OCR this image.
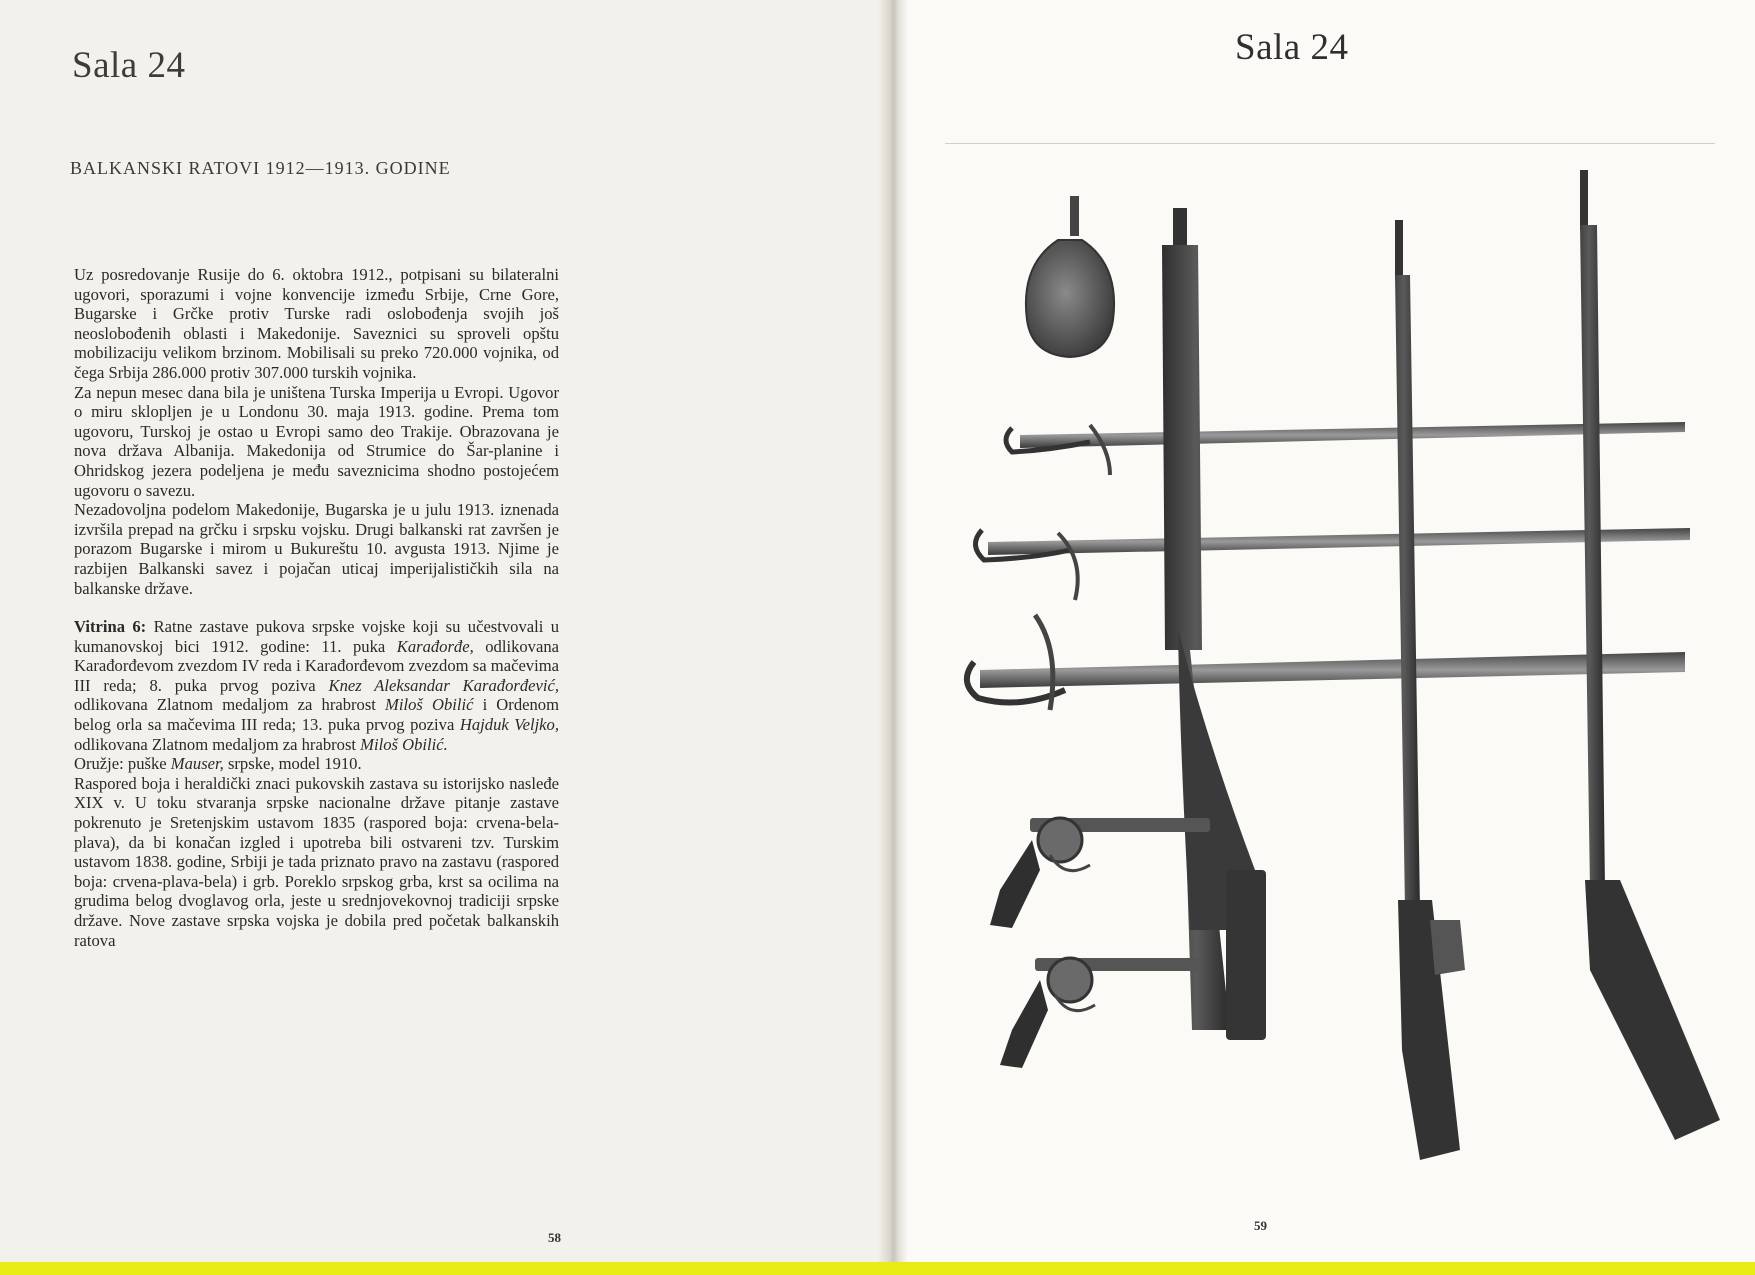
Sala 24
BALKANSKI RATOVI 1912—1913. GODINE

Uz posredovanje Rusije do 6. oktobra 1912., potpisani su bilateralni ugovori, sporazumi i vojne konvencije između Srbije, Crne Gore, Bugarske i Grčke protiv Turske radi oslobođenja svojih još neoslobođenih oblasti i Makedonije. Saveznici su sproveli opštu mobilizaciju velikom brzinom. Mobilisali su preko 720.000 vojnika, od čega Srbija 286.000 protiv 307.000 turskih vojnika.

Za nepun mesec dana bila je uništena Turska Imperija u Evropi. Ugovor o miru sklopljen je u Londonu 30. maja 1913. godine. Prema tom ugovoru, Turskoj je ostao u Evropi samo deo Trakije. Obrazovana je nova država Albanija. Makedonija od Strumice do Šar-planine i Ohridskog jezera podeljena je među saveznicima shodno postojećem ugovoru o savezu.

Nezadovoljna podelom Makedonije, Bugarska je u julu 1913. iznenada izvršila prepad na grčku i srpsku vojsku. Drugi balkanski rat završen je porazom Bugarske i mirom u Bukureštu 10. avgusta 1913. Njime je razbijen Balkanski savez i pojačan uticaj imperijalističkih sila na balkanske države.

Vitrina 6: Ratne zastave pukova srpske vojske koji su učestvovali u kumanovskoj bici 1912. godine: 11. puka Karađorđe, odlikovana Karađorđevom zvezdom IV reda i Karađorđevom zvezdom sa mačevima III reda; 8. puka prvog poziva Knez Aleksandar Karađorđević, odlikovana Zlatnom medaljom za hrabrost Miloš Obilić i Ordenom belog orla sa mačevima III reda; 13. puka prvog poziva Hajduk Veljko, odlikovana Zlatnom medaljom za hrabrost Miloš Obilić.

Oružje: puške Mauser, srpske, model 1910.

Raspored boja i heraldički znaci pukovskih zastava su istorijsko nasleđe XIX v. U toku stvaranja srpske nacionalne države pitanje zastave pokrenuto je Sretenjskim ustavom 1835 (raspored boja: crvena-bela-plava), da bi konačan izgled i upotreba bili ostvareni tzv. Turskim ustavom 1838. godine, Srbiji je tada priznato pravo na zastavu (raspored boja: crvena-plava-bela) i grb. Poreklo srpskog grba, krst sa ocilima na grudima belog dvoglavog orla, jeste u srednjovekovnoj tradiciji srpske države. Nove zastave srpska vojska je dobila pred početak balkanskih ratova

58
Sala 24
59
